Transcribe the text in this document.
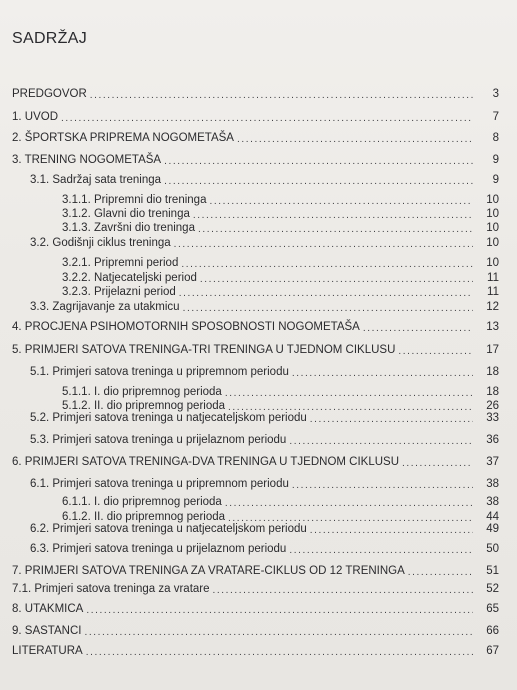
SADRŽAJ
PREDGOVOR .....	3
1. UVOD .....	7
2. ŠPORTSKA PRIPREMA NOGOMETAŠA .....	8
3. TRENING NOGOMETAŠA .....	9
3.1. Sadržaj sata treninga .....	9
3.1.1. Pripremni dio treninga .....	10
3.1.2. Glavni dio treninga .....	10
3.1.3. Završni dio treninga .....	10
3.2. Godišnji ciklus treninga .....	10
3.2.1. Pripremni period .....	10
3.2.2. Natjecateljski period .....	11
3.2.3. Prijelazni period .....	11
3.3. Zagrijavanje za utakmicu .....	12
4. PROCJENA PSIHOMOTORNIH SPOSOBNOSTI NOGOMETAŠA .....	13
5. PRIMJERI SATOVA TRENINGA-TRI TRENINGA U TJEDNOM CIKLUSU .....	17
5.1. Primjeri satova treninga u pripremnom periodu .....	18
5.1.1. I. dio pripremnog perioda .....	18
5.1.2. II. dio pripremnog perioda .....	26
5.2. Primjeri satova treninga u natjecateljskom periodu .....	33
5.3. Primjeri satova treninga u prijelaznom periodu .....	36
6. PRIMJERI SATOVA TRENINGA-DVA TRENINGA U TJEDNOM CIKLUSU .....	37
6.1. Primjeri satova treninga u pripremnom periodu .....	38
6.1.1. I. dio pripremnog perioda .....	38
6.1.2. II. dio pripremnog perioda .....	44
6.2. Primjeri satova treninga u natjecateljskom periodu .....	49
6.3. Primjeri satova treninga u prijelaznom periodu .....	50
7. PRIMJERI SATOVA TRENINGA ZA VRATARE-CIKLUS OD 12 TRENINGA .....	51
7.1. Primjeri satova treninga za vratare .....	52
8. UTAKMICA .....	65
9. SASTANCI .....	66
LITERATURA .....	67
